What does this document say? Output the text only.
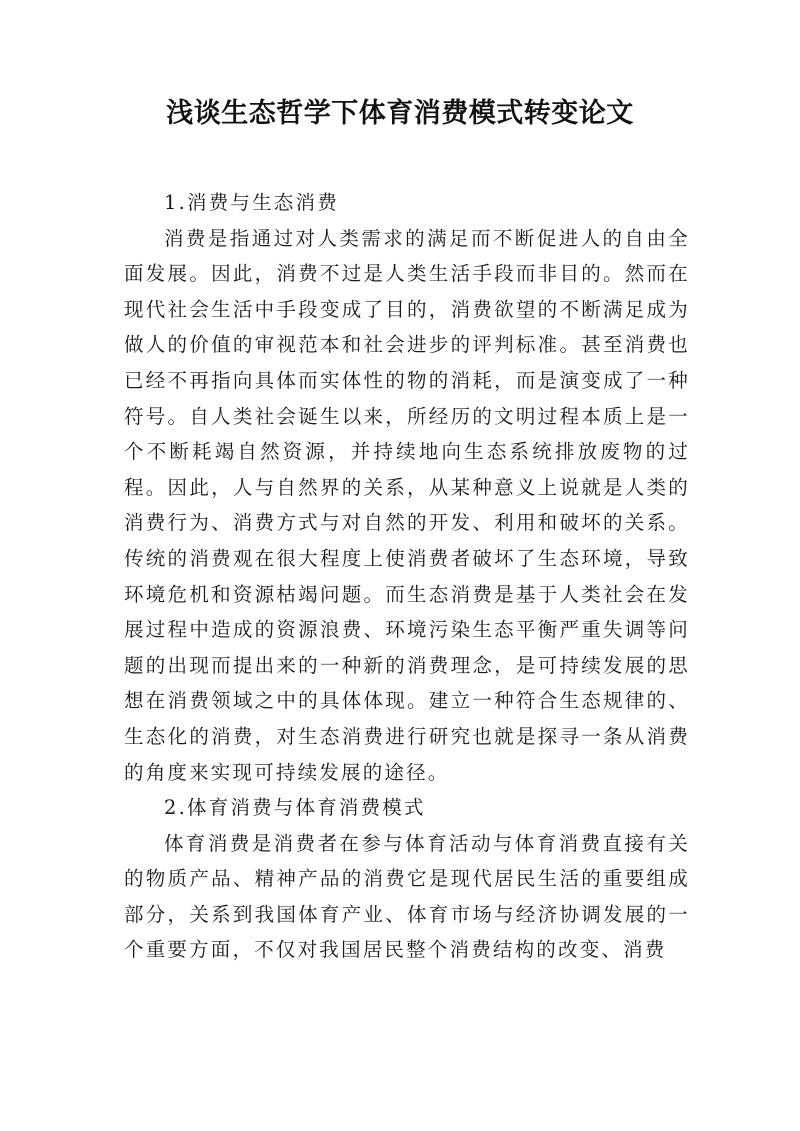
浅谈生态哲学下体育消费模式转变论文

1.消费与生态消费

消费是指通过对人类需求的满足而不断促进人的自由全面发展。因此，消费不过是人类生活手段而非目的。然而在现代社会生活中手段变成了目的，消费欲望的不断满足成为做人的价值的审视范本和社会进步的评判标准。甚至消费也已经不再指向具体而实体性的物的消耗，而是演变成了一种符号。自人类社会诞生以来，所经历的文明过程本质上是一个不断耗竭自然资源，并持续地向生态系统排放废物的过程。因此，人与自然界的关系，从某种意义上说就是人类的消费行为、消费方式与对自然的开发、利用和破坏的关系。传统的消费观在很大程度上使消费者破坏了生态环境，导致环境危机和资源枯竭问题。而生态消费是基于人类社会在发展过程中造成的资源浪费、环境污染生态平衡严重失调等问题的出现而提出来的一种新的消费理念，是可持续发展的思想在消费领域之中的具体体现。建立一种符合生态规律的、生态化的消费，对生态消费进行研究也就是探寻一条从消费的角度来实现可持续发展的途径。

2.体育消费与体育消费模式

体育消费是消费者在参与体育活动与体育消费直接有关的物质产品、精神产品的消费它是现代居民生活的重要组成部分，关系到我国体育产业、体育市场与经济协调发展的一个重要方面，不仅对我国居民整个消费结构的改变、消费
